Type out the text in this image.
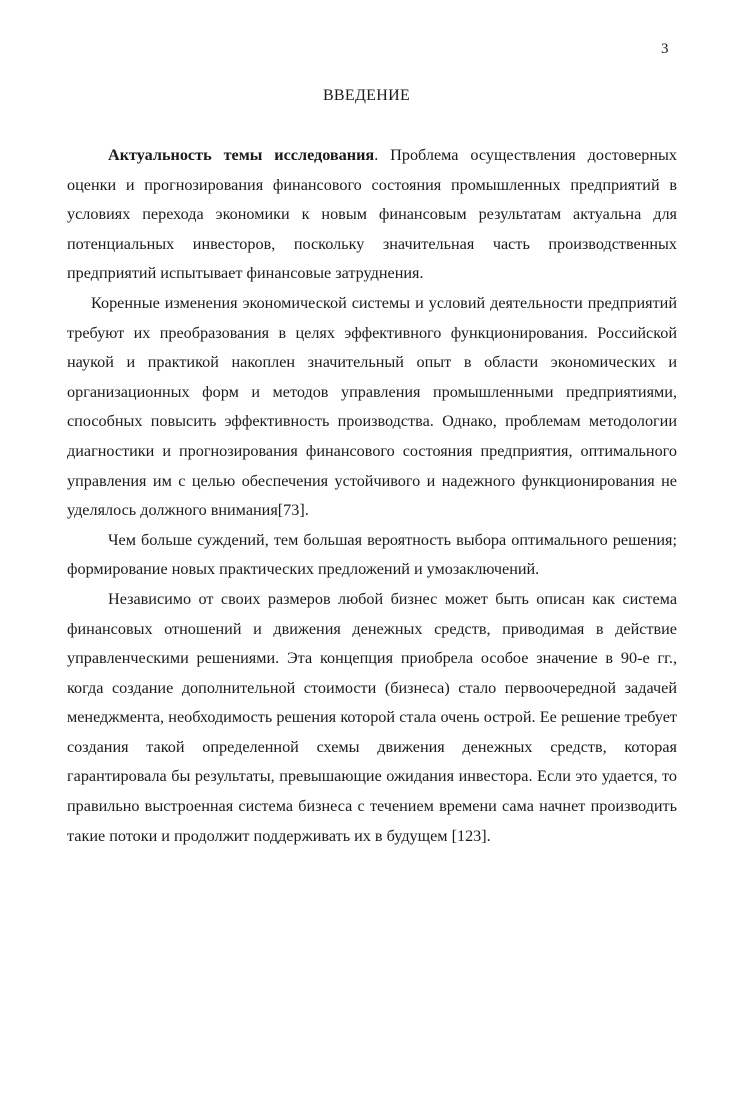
3
ВВЕДЕНИЕ

Актуальность темы исследования. Проблема осуществления достоверных оценки и прогнозирования финансового состояния промышленных предприятий в условиях перехода экономики к новым финансовым результатам актуальна для потенциальных инвесторов, поскольку значительная часть производственных предприятий испытывает финансовые затруднения.

Коренные изменения экономической системы и условий деятельности предприятий требуют их преобразования в целях эффективного функционирования. Российской наукой и практикой накоплен значительный опыт в области экономических и организационных форм и методов управления промышленными предприятиями, способных повысить эффективность производства. Однако, проблемам методологии диагностики и прогнозирования финансового состояния предприятия, оптимального управления им с целью обеспечения устойчивого и надежного функционирования не уделялось должного внимания[73].

Чем больше суждений, тем большая вероятность выбора оптимального решения; формирование новых практических предложений и умозаключений.

Независимо от своих размеров любой бизнес может быть описан как система финансовых отношений и движения денежных средств, приводимая в действие управленческими решениями. Эта концепция приобрела особое значение в 90-е гг., когда создание дополнительной стоимости (бизнеса) стало первоочередной задачей менеджмента, необходимость решения которой стала очень острой. Ее решение требует создания такой определенной схемы движения денежных средств, которая гарантировала бы результаты, превышающие ожидания инвестора. Если это удается, то правильно выстроенная система бизнеса с течением времени сама начнет производить такие потоки и продолжит поддерживать их в будущем [123].
